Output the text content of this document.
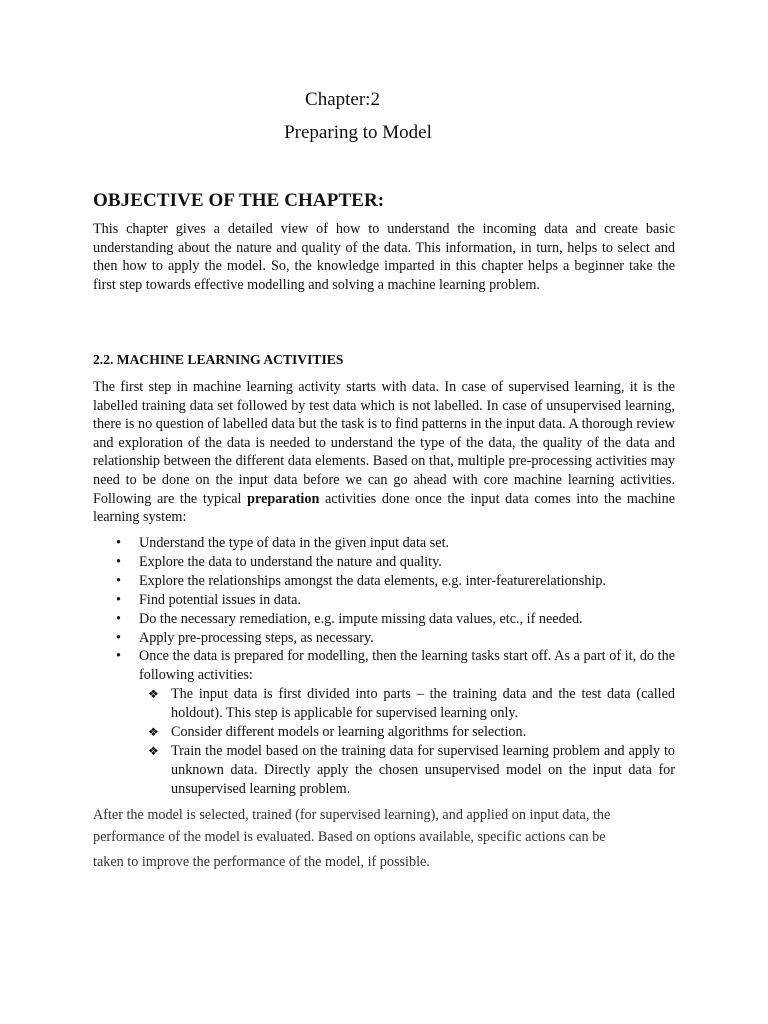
Chapter:2
Preparing to Model
OBJECTIVE OF THE CHAPTER:
This chapter gives a detailed view of how to understand the incoming data and create basic understanding about the nature and quality of the data. This information, in turn, helps to select and then how to apply the model. So, the knowledge imparted in this chapter helps a beginner take the first step towards effective modelling and solving a machine learning problem.
2.2. MACHINE LEARNING ACTIVITIES
The first step in machine learning activity starts with data. In case of supervised learning, it is the labelled training data set followed by test data which is not labelled. In case of unsupervised learning, there is no question of labelled data but the task is to find patterns in the input data. A thorough review and exploration of the data is needed to understand the type of the data, the quality of the data and relationship between the different data elements. Based on that, multiple pre-processing activities may need to be done on the input data before we can go ahead with core machine learning activities. Following are the typical preparation activities done once the input data comes into the machine learning system:
•	Understand the type of data in the given input data set.
•	Explore the data to understand the nature and quality.
•	Explore the relationships amongst the data elements, e.g. inter-featurerelationship.
•	Find potential issues in data.
•	Do the necessary remediation, e.g. impute missing data values, etc., if needed.
•	Apply pre-processing steps, as necessary.
•	Once the data is prepared for modelling, then the learning tasks start off. As a part of it, do the following activities:
❖ The input data is first divided into parts – the training data and the test data (called holdout). This step is applicable for supervised learning only.
❖ Consider different models or learning algorithms for selection.
❖ Train the model based on the training data for supervised learning problem and apply to unknown data. Directly apply the chosen unsupervised model on the input data for unsupervised learning problem.
After the model is selected, trained (for supervised learning), and applied on input data, the
performance of the model is evaluated. Based on options available, specific actions can be

taken to improve the performance of the model, if possible.
